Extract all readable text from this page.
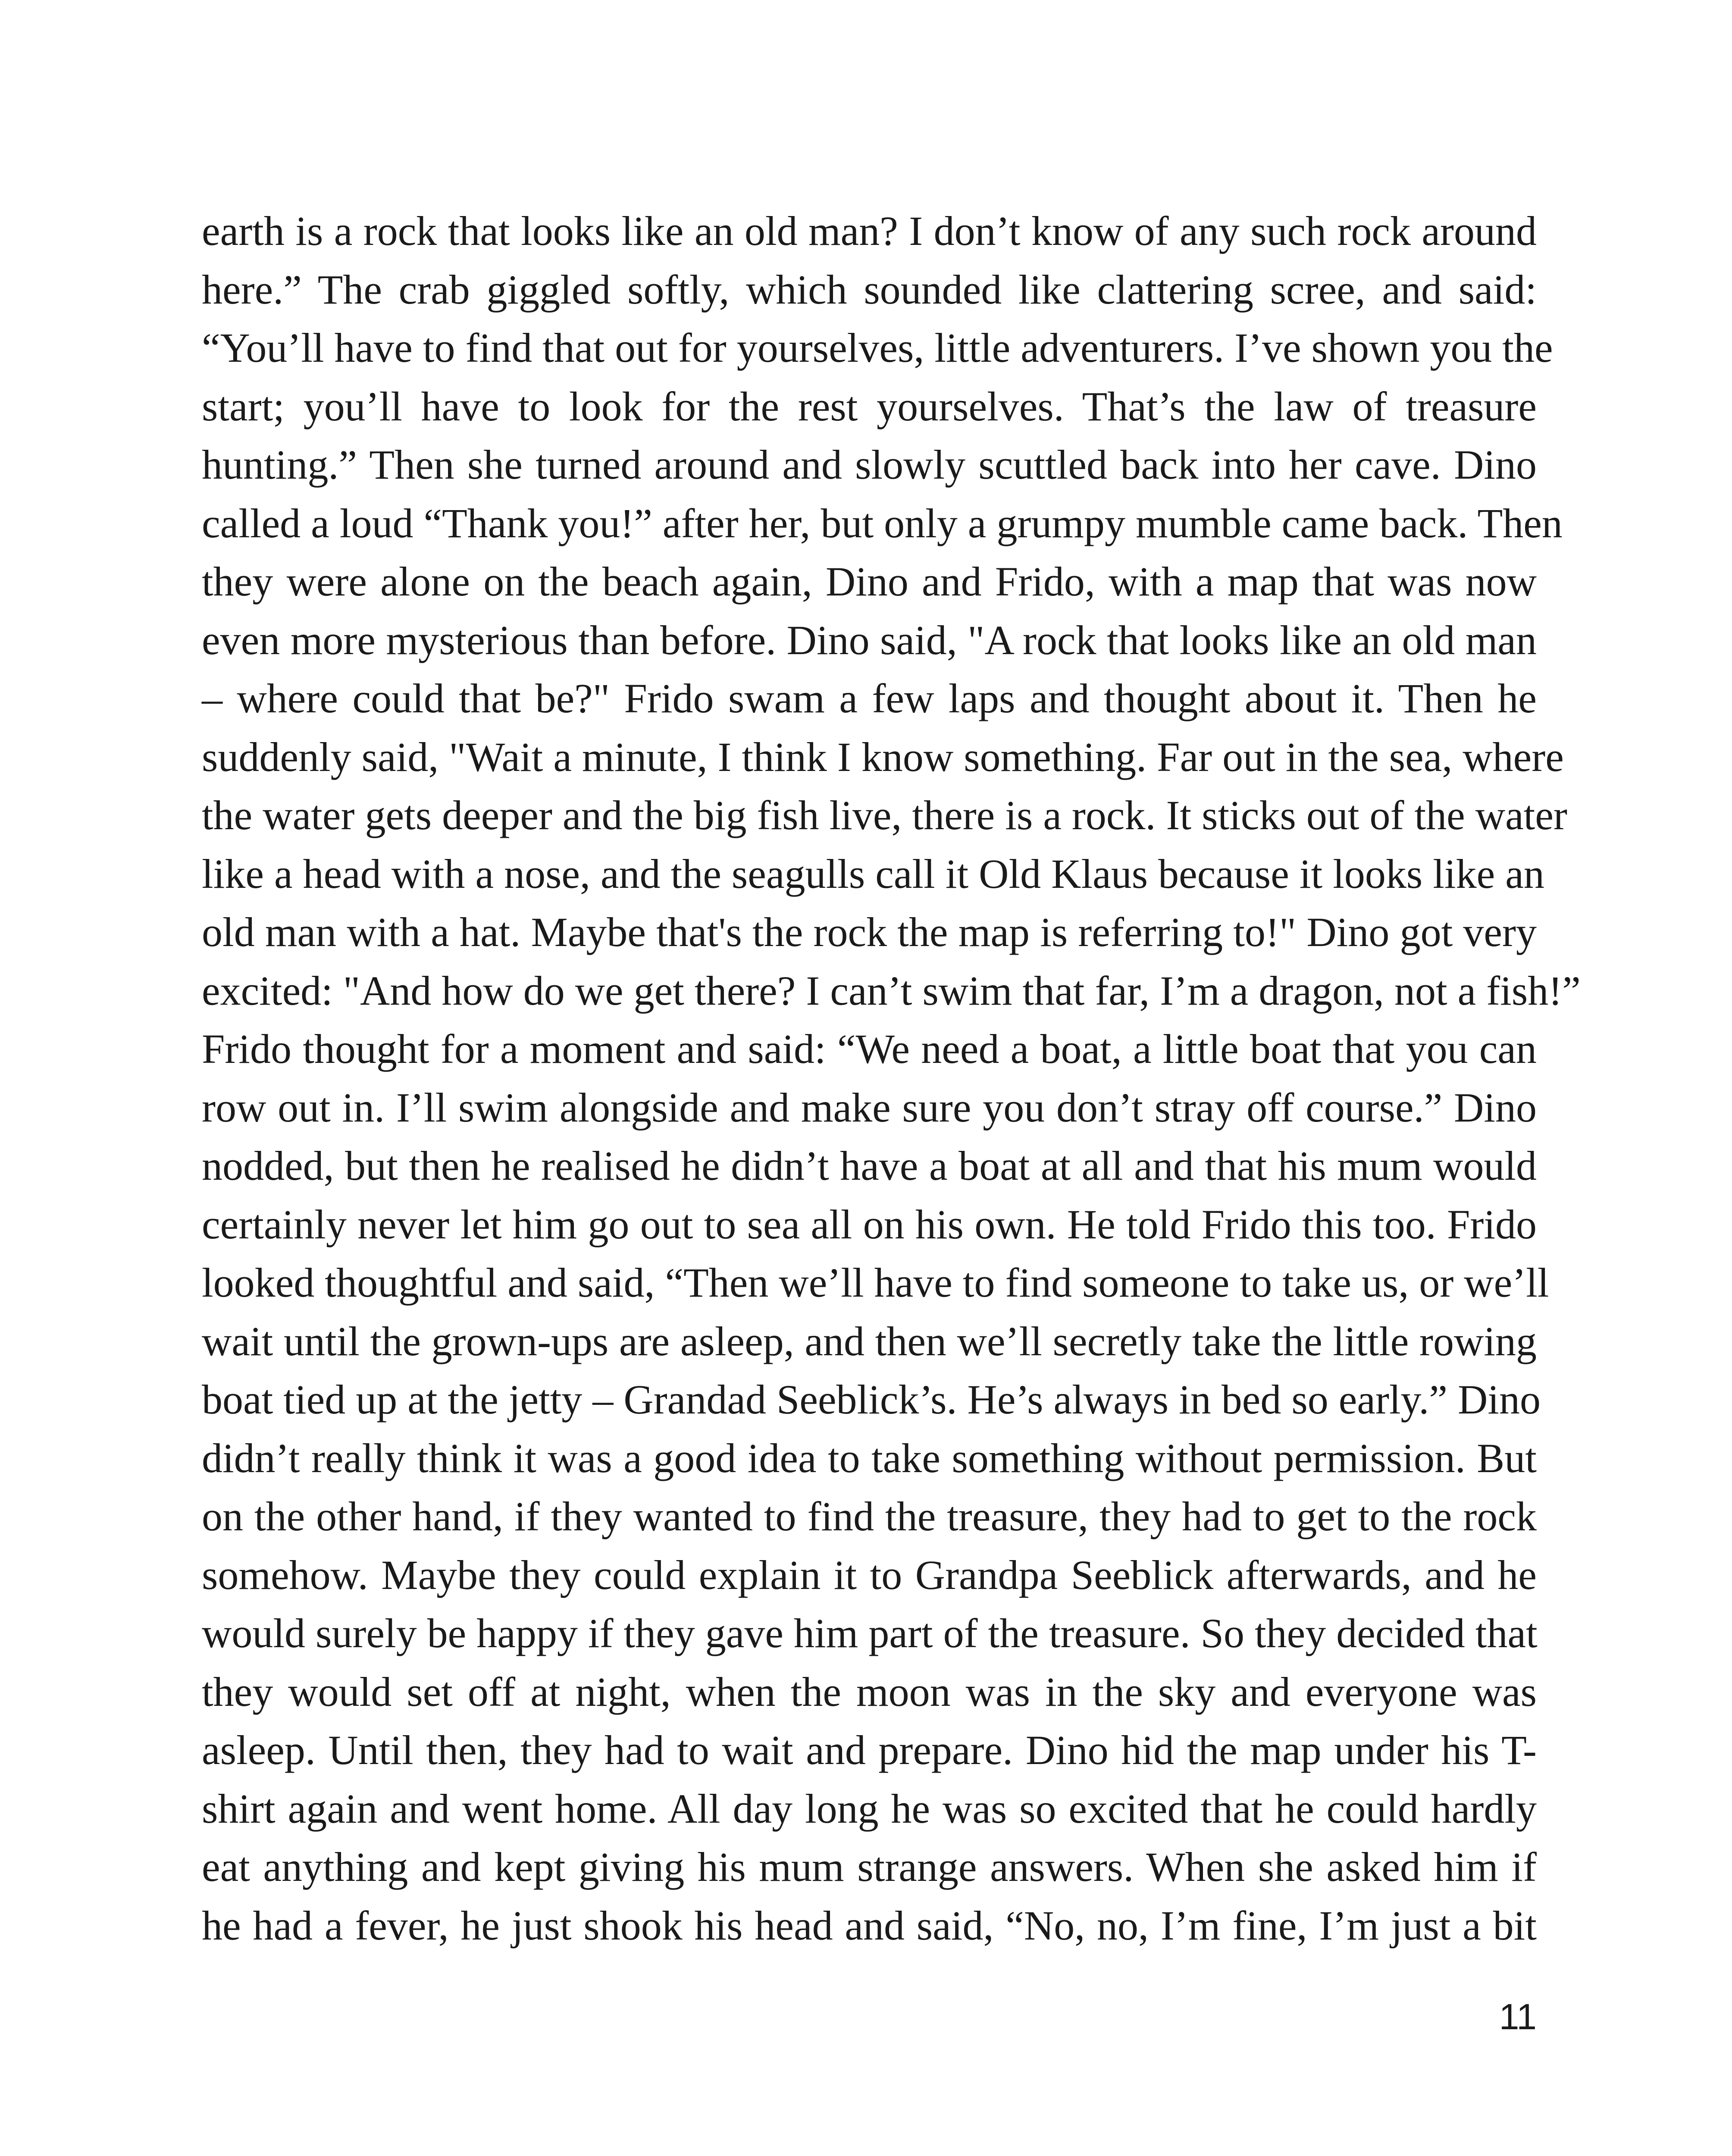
earth is a rock that looks like an old man? I don’t know of any such rock around
here.” The crab giggled softly, which sounded like clattering scree, and said:
“You’ll have to find that out for yourselves, little adventurers. I’ve shown you the
start; you’ll have to look for the rest yourselves. That’s the law of treasure
hunting.” Then she turned around and slowly scuttled back into her cave. Dino
called a loud “Thank you!” after her, but only a grumpy mumble came back. Then
they were alone on the beach again, Dino and Frido, with a map that was now
even more mysterious than before. Dino said, "A rock that looks like an old man
– where could that be?" Frido swam a few laps and thought about it. Then he
suddenly said, "Wait a minute, I think I know something. Far out in the sea, where
the water gets deeper and the big fish live, there is a rock. It sticks out of the water
like a head with a nose, and the seagulls call it Old Klaus because it looks like an
old man with a hat. Maybe that's the rock the map is referring to!" Dino got very
excited: "And how do we get there? I can’t swim that far, I’m a dragon, not a fish!”
Frido thought for a moment and said: “We need a boat, a little boat that you can
row out in. I’ll swim alongside and make sure you don’t stray off course.” Dino
nodded, but then he realised he didn’t have a boat at all and that his mum would
certainly never let him go out to sea all on his own. He told Frido this too. Frido
looked thoughtful and said, “Then we’ll have to find someone to take us, or we’ll
wait until the grown-ups are asleep, and then we’ll secretly take the little rowing
boat tied up at the jetty – Grandad Seeblick’s. He’s always in bed so early.” Dino
didn’t really think it was a good idea to take something without permission. But
on the other hand, if they wanted to find the treasure, they had to get to the rock
somehow. Maybe they could explain it to Grandpa Seeblick afterwards, and he
would surely be happy if they gave him part of the treasure. So they decided that
they would set off at night, when the moon was in the sky and everyone was
asleep. Until then, they had to wait and prepare. Dino hid the map under his T-
shirt again and went home. All day long he was so excited that he could hardly
eat anything and kept giving his mum strange answers. When she asked him if
he had a fever, he just shook his head and said, “No, no, I’m fine, I’m just a bit
11
